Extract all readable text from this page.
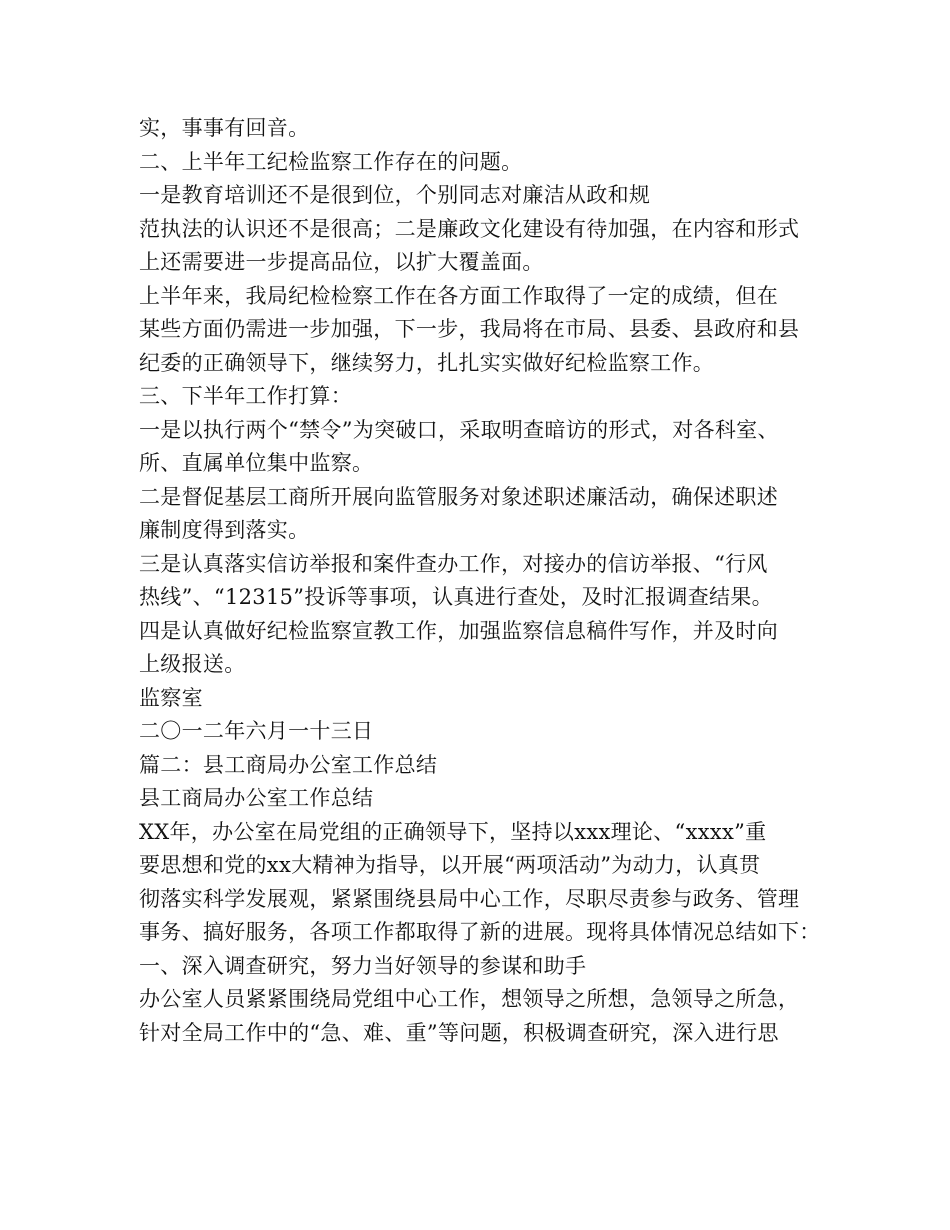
实，事事有回音。
二、上半年工纪检监察工作存在的问题。
一是教育培训还不是很到位，个别同志对廉洁从政和规
范执法的认识还不是很高；二是廉政文化建设有待加强，在内容和形式
上还需要进一步提高品位，以扩大覆盖面。
上半年来，我局纪检检察工作在各方面工作取得了一定的成绩，但在
某些方面仍需进一步加强，下一步，我局将在市局、县委、县政府和县
纪委的正确领导下，继续努力，扎扎实实做好纪检监察工作。
三、下半年工作打算：
一是以执行两个“禁令”为突破口，采取明查暗访的形式，对各科室、
所、直属单位集中监察。
二是督促基层工商所开展向监管服务对象述职述廉活动，确保述职述
廉制度得到落实。
三是认真落实信访举报和案件查办工作，对接办的信访举报、“行风
热线”、“12315”投诉等事项，认真进行查处，及时汇报调查结果。
四是认真做好纪检监察宣教工作，加强监察信息稿件写作，并及时向
上级报送。
监察室
二〇一二年六月一十三日
篇二：县工商局办公室工作总结
县工商局办公室工作总结
XX年，办公室在局党组的正确领导下，坚持以xxx理论、“xxxx”重
要思想和党的xx大精神为指导，以开展“两项活动”为动力，认真贯
彻落实科学发展观，紧紧围绕县局中心工作，尽职尽责参与政务、管理
事务、搞好服务，各项工作都取得了新的进展。现将具体情况总结如下：
一、深入调查研究，努力当好领导的参谋和助手
办公室人员紧紧围绕局党组中心工作，想领导之所想，急领导之所急，
针对全局工作中的“急、难、重”等问题，积极调查研究，深入进行思
